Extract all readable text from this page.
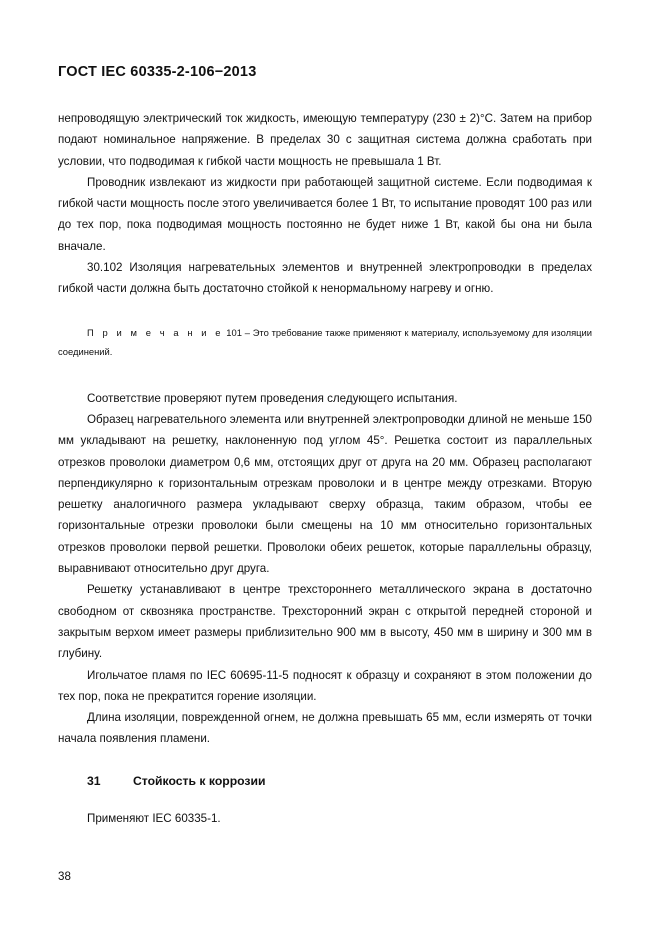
ГОСТ IEC 60335-2-106−2013

непроводящую электрический ток жидкость, имеющую температуру (230 ± 2)°С. Затем на прибор подают номинальное напряжение. В пределах 30 с защитная система должна сработать при условии, что подводимая к гибкой части мощность не превышала 1 Вт.

Проводник извлекают из жидкости при работающей защитной системе. Если подводимая к гибкой части мощность после этого увеличивается более 1 Вт, то испытание проводят 100 раз или до тех пор, пока подводимая мощность постоянно не будет ниже 1 Вт, какой бы она ни была вначале.

30.102 Изоляция нагревательных элементов и внутренней электропроводки в пределах гибкой части должна быть достаточно стойкой к ненормальному нагреву и огню.

П р и м е ч а н и е 101 – Это требование также применяют к материалу, используемому для изоляции соединений.

Соответствие проверяют путем проведения следующего испытания.

Образец нагревательного элемента или внутренней электропроводки длиной не меньше 150 мм укладывают на решетку, наклоненную под углом 45°. Решетка состоит из параллельных отрезков проволоки диаметром 0,6 мм, отстоящих друг от друга на 20 мм. Образец располагают перпендикулярно к горизонтальным отрезкам проволоки и в центре между отрезками. Вторую решетку аналогичного размера укладывают сверху образца, таким образом, чтобы ее горизонтальные отрезки проволоки были смещены на 10 мм относительно горизонтальных отрезков проволоки первой решетки. Проволоки обеих решеток, которые параллельны образцу, выравнивают относительно друг друга.

Решетку устанавливают в центре трехстороннего металлического экрана в достаточно свободном от сквозняка пространстве. Трехсторонний экран с открытой передней стороной и закрытым верхом имеет размеры приблизительно 900 мм в высоту, 450 мм в ширину и 300 мм в глубину.

Игольчатое пламя по IEC 60695-11-5 подносят к образцу и сохраняют в этом положении до тех пор, пока не прекратится горение изоляции.

Длина изоляции, поврежденной огнем, не должна превышать 65 мм, если измерять от точки начала появления пламени.

31	Стойкость к коррозии

Применяют IEC 60335-1.

38
